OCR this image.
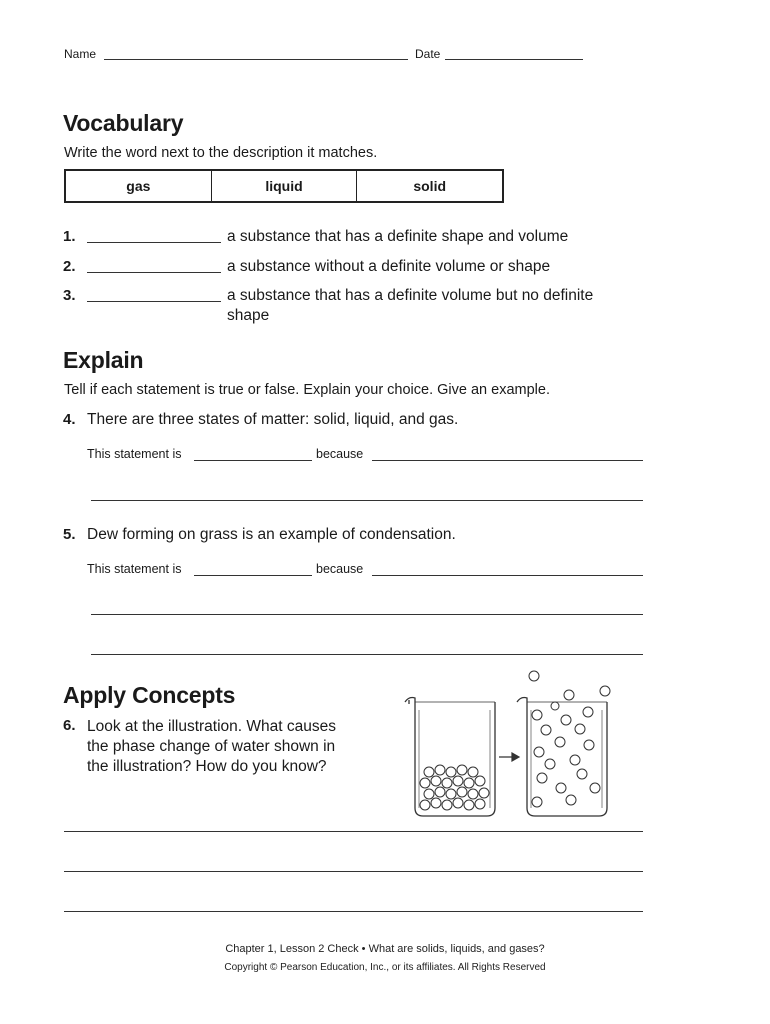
Name	Date
Vocabulary
Write the word next to the description it matches.
gas	liquid	solid
1.	a substance that has a definite shape and volume
2.	a substance without a definite volume or shape
3.	a substance that has a definite volume but no definite
shape
Explain
Tell if each statement is true or false. Explain your choice. Give an example.
4. There are three states of matter: solid, liquid, and gas.
This statement is	because
5. Dew forming on grass is an example of condensation.
This statement is	because
Apply Concepts
6. Look at the illustration. What causes
the phase change of water shown in
the illustration? How do you know?
Chapter 1, Lesson 2 Check • What are solids, liquids, and gases?
Copyright © Pearson Education, Inc., or its affiliates. All Rights Reserved
